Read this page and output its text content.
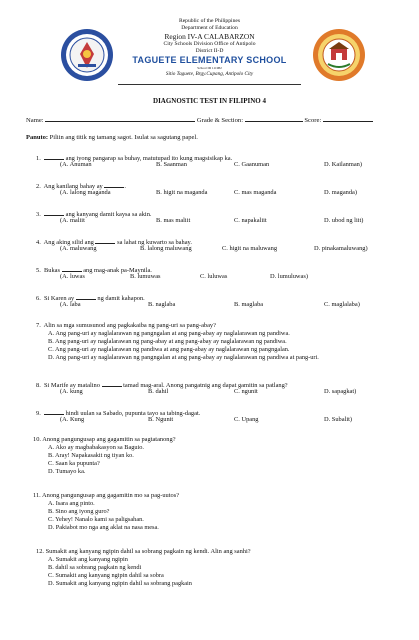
Republic of the Philippines
Department of Education
Region IV-A CALABARZON
City Schools Division Office of Antipolo
District II-D
TAGUETE ELEMENTARY SCHOOL
School ID 111982
Sitio Taguete, Brgy.Cupang, Antipolo City
DIAGNOSTIC TEST IN FILIPINO 4
Name:	Grade & Section:	Score:
Panuto: Piliin ang titik ng tamang sagot. Isulat sa sagutang papel.
1.	ang iyong pangarap sa buhay, matutupad ito kung magsisikap ka.
(A. Anuman	B. Saanman	C. Gaanuman	D. Kailanman)
2. Ang kanilang bahay ay	.
(A. lalong maganda	B. higit na maganda	C. mas maganda	D. maganda)
3.	ang kanyang damit kaysa sa akin.
(A. maliit	B. mas maliit	C. napakaliit	D. ubod ng liit)
4. Ang aking silid ang	sa lahat ng kuwarto sa bahay.
(A. maluwang	B. lalong maluwang	C. higit na maluwang	D. pinakamaluwang)
5. Bukas	ang mag-anak pa-Maynila.
(A. luwas	B. lumuwas	C. luluwas	D. lumuluwas)
6. Si Karen ay	ng damit kahapon.
(A. laba	B. naglaba	B. maglaba	C. maglalaba)
7. Alin sa mga sumusunod ang pagkakaiba ng pang-uri sa pang-abay?
A. Ang pang-uri ay naglalarawan ng pangngalan at ang pang-abay ay naglalarawan ng pandiwa.
B. Ang pang-uri ay naglalarawan ng pang-abay at ang pang-abay ay naglalarawan ng pandiwa.
C. Ang pang-uri ay naglalarawan ng pandiwa at ang pang-abay ay naglalarawan ng pangngalan.
D. Ang pang-uri ay naglalarawan ng pangngalan at ang pang-abay ay naglalarawan ng pandiwa at pang-uri.
8. Si Marife ay matalino	tamad mag-aral. Anong pangatnig ang dapat gamitin sa patlang?
(A. kung	B. dahil	C. ngunit	D. sapagkat)
9.	hindi uulan sa Sabado, pupunta tayo sa tabing-dagat.
(A. Kung	B. Ngunit	C. Upang	D. Subalit)
10. Anong pangungusap ang gagamitin sa pagtatanong?
A. Ako ay magbabakasyon sa Baguio.
B. Aray! Napakasakit ng tiyan ko.
C. Saan ka pupunta?
D. Tumayo ka.
11. Anong pangungusap ang gagamitin mo sa pag-uutos?
A. Isara ang pinto.
B. Sino ang iyong guro?
C. Yehey! Nanalo kami sa paligsahan.
D. Pakiabot mo nga ang aklat na nasa mesa.
12. Sumakit ang kanyang ngipin dahil sa sobrang pagkain ng kendi. Alin ang sanhi?
A. Sumakit ang kanyang ngipin
B. dahil sa sobrang pagkain ng kendi
C. Sumakit ang kanyang ngipin dahil sa sobra
D. Sumakit ang kanyang ngipin dahil sa sobrang pagkain
